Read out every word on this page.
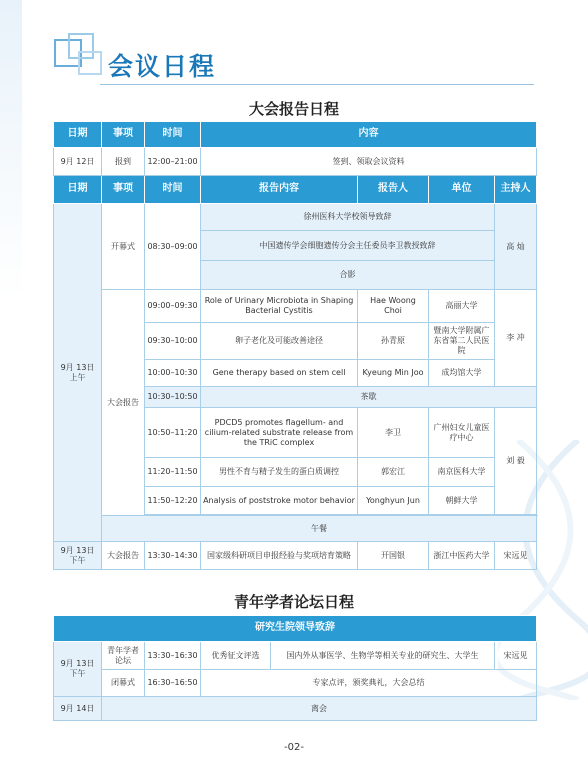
会议日程
大会报告日程
日期	事项	时间	内容			
9月 12日	报到	12:00–21:00	签到、领取会议资料			
日期	事项	时间	报告内容	报告人	单位	主持人
9月 13日
上午	开幕式	08:30–09:00	徐州医科大学校领导致辞			高 灿
			中国遗传学会细胞遗传分会主任委员李卫教授致辞			
			合影			
	大会报告	09:00–09:30	Role of Urinary Microbiota in Shaping Bacterial Cystitis	Hae Woong Choi	高丽大学	李 冲
		09:30–10:00	卵子老化及可能改善途径	孙青原	暨南大学附属广东省第二人民医院	
		10:00–10:30	Gene therapy based on stem cell	Kyeung Min Joo	成均馆大学	
		10:30–10:50	茶歇			
		10:50–11:20	PDCD5 promotes flagellum- and cilium-related substrate release from the TRiC complex	李卫	广州妇女儿童医疗中心	刘 毅
		11:20–11:50	男性不育与精子发生的蛋白质调控	郭宏江	南京医科大学	
		11:50–12:20	Analysis of poststroke motor behavior	Yonghyun Jun	朝鲜大学	

	午餐					
9月 13日
下午	大会报告	13:30–14:30	国家级科研项目申报经验与奖项培育策略	开国银	浙江中医药大学	宋远见
青年学者论坛日程
研究生院领导致辞					
9月 13日
下午	青年学者论坛	13:30–16:30	优秀征文评选	国内外从事医学、生物学等相关专业的研究生、大学生	宋远见
	闭幕式	16:30–16:50	专家点评，颁奖典礼，大会总结		
9月 14日	离会				
-02-
